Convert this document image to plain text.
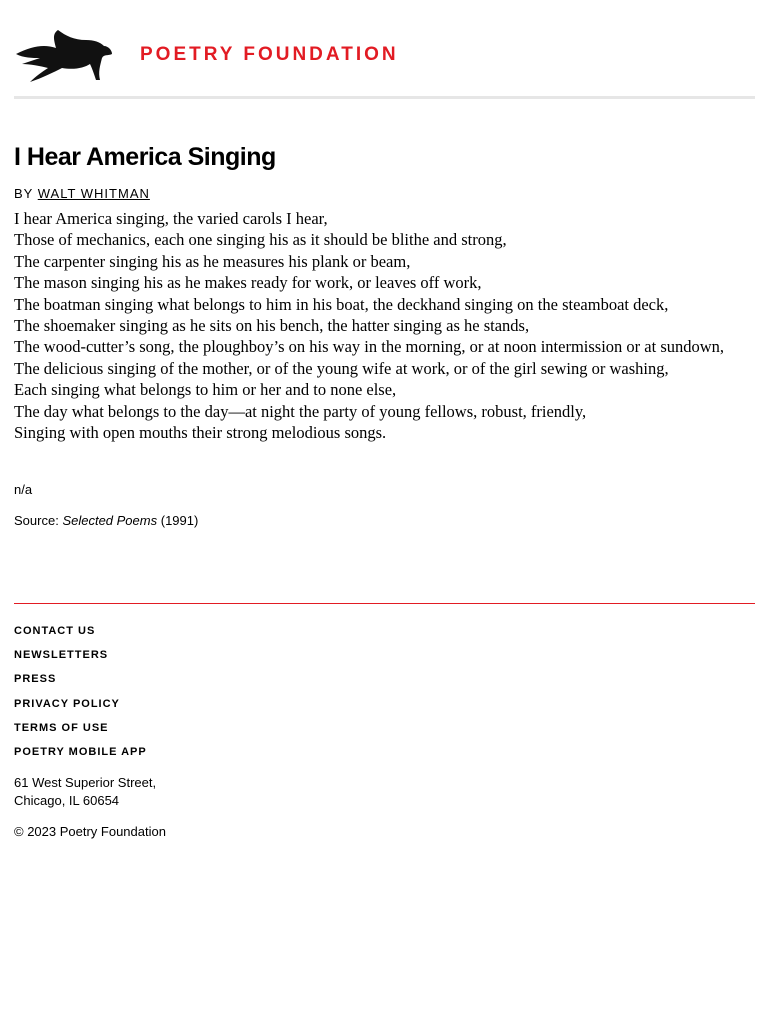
POETRY FOUNDATION
I Hear America Singing
BY WALT WHITMAN
I hear America singing, the varied carols I hear,
Those of mechanics, each one singing his as it should be blithe and strong,
The carpenter singing his as he measures his plank or beam,
The mason singing his as he makes ready for work, or leaves off work,
The boatman singing what belongs to him in his boat, the deckhand singing on the steamboat deck,
The shoemaker singing as he sits on his bench, the hatter singing as he stands,
The wood-cutter’s song, the ploughboy’s on his way in the morning, or at noon intermission or at sundown,
The delicious singing of the mother, or of the young wife at work, or of the girl sewing or washing,
Each singing what belongs to him or her and to none else,
The day what belongs to the day—at night the party of young fellows, robust, friendly,
Singing with open mouths their strong melodious songs.
n/a
Source: Selected Poems (1991)
CONTACT US
NEWSLETTERS
PRESS
PRIVACY POLICY
TERMS OF USE
POETRY MOBILE APP
61 West Superior Street,
Chicago, IL 60654
© 2023 Poetry Foundation
